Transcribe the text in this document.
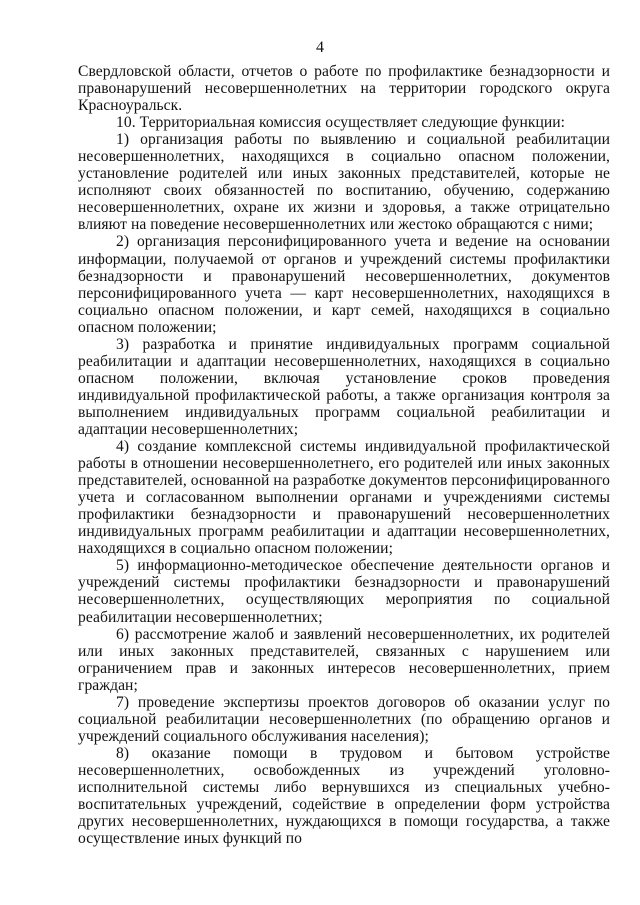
4

Свердловской области, отчетов о работе по профилактике безнадзорности и правонарушений несовершеннолетних на территории городского округа Красноуральск.

10. Территориальная комиссия осуществляет следующие функции:

1) организация работы по выявлению и социальной реабилитации несовершеннолетних, находящихся в социально опасном положении, установление родителей или иных законных представителей, которые не исполняют своих обязанностей по воспитанию, обучению, содержанию несовершеннолетних, охране их жизни и здоровья, а также отрицательно влияют на поведение несовершеннолетних или жестоко обращаются с ними;

2) организация персонифицированного учета и ведение на основании информации, получаемой от органов и учреждений системы профилактики безнадзорности и правонарушений несовершеннолетних, документов персонифицированного учета — карт несовершеннолетних, находящихся в социально опасном положении, и карт семей, находящихся в социально опасном положении;

3) разработка и принятие индивидуальных программ социальной реабилитации и адаптации несовершеннолетних, находящихся в социально опасном положении, включая установление сроков проведения индивидуальной профилактической работы, а также организация контроля за выполнением индивидуальных программ социальной реабилитации и адаптации несовершеннолетних;

4) создание комплексной системы индивидуальной профилактической работы в отношении несовершеннолетнего, его родителей или иных законных представителей, основанной на разработке документов персонифицированного учета и согласованном выполнении органами и учреждениями системы профилактики безнадзорности и правонарушений несовершеннолетних индивидуальных программ реабилитации и адаптации несовершеннолетних, находящихся в социально опасном положении;

5) информационно-методическое обеспечение деятельности органов и учреждений системы профилактики безнадзорности и правонарушений несовершеннолетних, осуществляющих мероприятия по социальной реабилитации несовершеннолетних;

6) рассмотрение жалоб и заявлений несовершеннолетних, их родителей или иных законных представителей, связанных с нарушением или ограничением прав и законных интересов несовершеннолетних, прием граждан;

7) проведение экспертизы проектов договоров об оказании услуг по социальной реабилитации несовершеннолетних (по обращению органов и учреждений социального обслуживания населения);

8) оказание помощи в трудовом и бытовом устройстве несовершеннолетних, освобожденных из учреждений уголовно-исполнительной системы либо вернувшихся из специальных учебно-воспитательных учреждений, содействие в определении форм устройства других несовершеннолетних, нуждающихся в помощи государства, а также осуществление иных функций по
